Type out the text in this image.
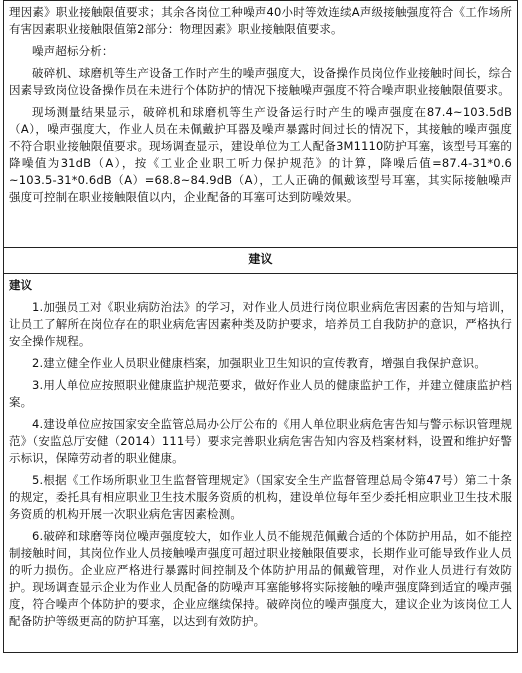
理因素》职业接触限值要求；其余各岗位工种噪声40小时等效连续A声级接触强度符合《工作场所有害因素职业接触限值第2部分：物理因素》职业接触限值要求。

噪声超标分析：

破碎机、球磨机等生产设备工作时产生的噪声强度大，设备操作员岗位作业接触时间长，综合因素导致岗位设备操作员在未进行个体防护的情况下接触噪声强度不符合噪声职业接触限值要求。

现场测量结果显示，破碎机和球磨机等生产设备运行时产生的噪声强度在87.4~103.5dB（A），噪声强度大，作业人员在未佩戴护耳器及噪声暴露时间过长的情况下，其接触的噪声强度不符合职业接触限值要求。现场调查显示，建设单位为工人配备3M1110防护耳塞，该型号耳塞的降噪值为31dB（A），按《工业企业职工听力保护规范》的计算，降噪后值=87.4-31*0.6 ~103.5-31*0.6dB（A）=68.8~84.9dB（A），工人正确的佩戴该型号耳塞，其实际接触噪声强度可控制在职业接触限值以内，企业配备的耳塞可达到防噪效果。

建议

建议

1.加强员工对《职业病防治法》的学习，对作业人员进行岗位职业病危害因素的告知与培训，让员工了解所在岗位存在的职业病危害因素种类及防护要求，培养员工自我防护的意识，严格执行安全操作规程。

2.建立健全作业人员职业健康档案，加强职业卫生知识的宣传教育，增强自我保护意识。

3.用人单位应按照职业健康监护规范要求，做好作业人员的健康监护工作，并建立健康监护档案。

4.建设单位应按国家安全监管总局办公厅公布的《用人单位职业病危害告知与警示标识管理规范》（安监总厅安健（2014）111号）要求完善职业病危害告知内容及档案材料，设置和维护好警示标识，保障劳动者的职业健康。

5.根据《工作场所职业卫生监督管理规定》（国家安全生产监督管理总局令第47号）第二十条的规定，委托具有相应职业卫生技术服务资质的机构，建设单位每年至少委托相应职业卫生技术服务资质的机构开展一次职业病危害因素检测。

6.破碎和球磨等岗位噪声强度较大，如作业人员不能规范佩戴合适的个体防护用品，如不能控制接触时间，其岗位作业人员接触噪声强度可超过职业接触限值要求，长期作业可能导致作业人员的听力损伤。企业应严格进行暴露时间控制及个体防护用品的佩戴管理，对作业人员进行有效防护。现场调查显示企业为作业人员配备的防噪声耳塞能够将实际接触的噪声强度降到适宜的噪声强度，符合噪声个体防护的要求，企业应继续保持。破碎岗位的噪声强度大，建议企业为该岗位工人配备防护等级更高的防护耳塞，以达到有效防护。
